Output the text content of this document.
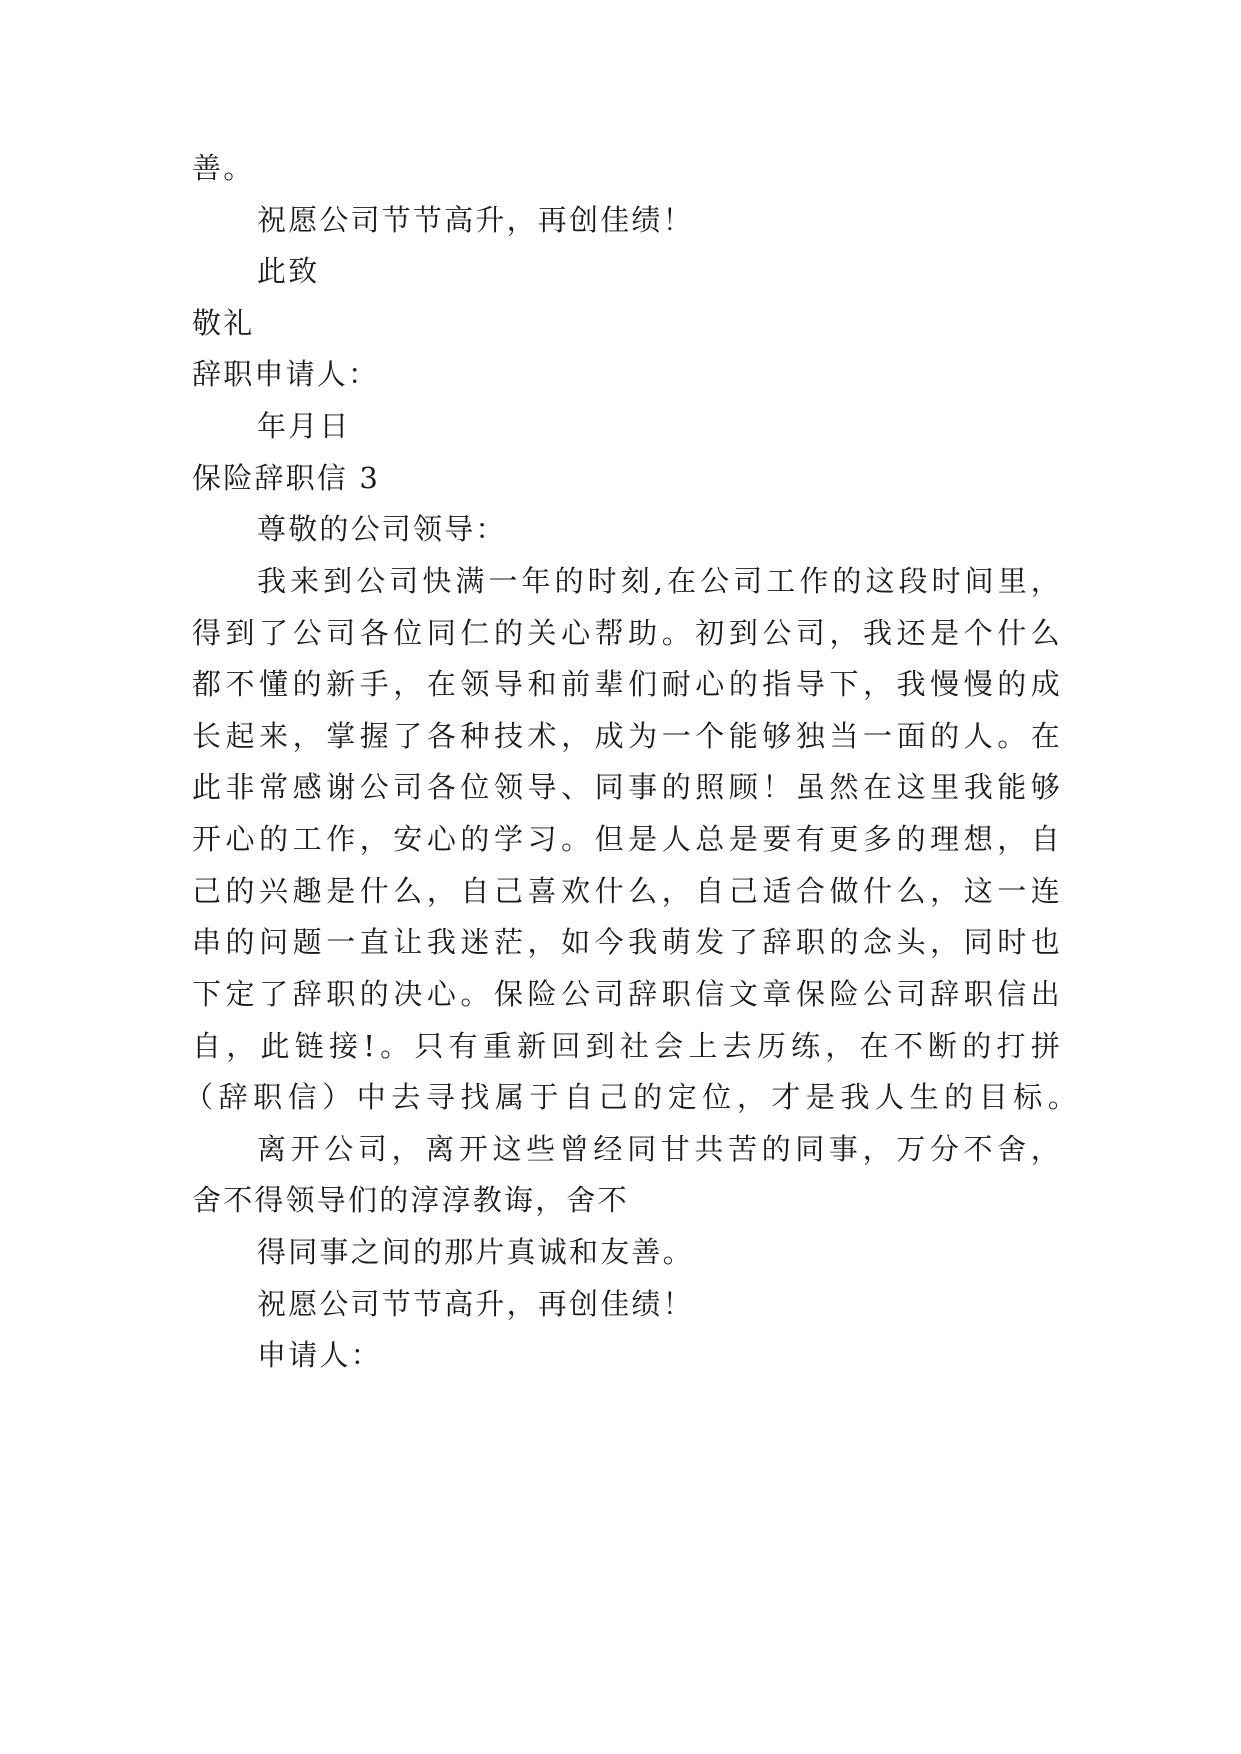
善。
祝愿公司节节高升，再创佳绩！
此致
敬礼
辞职申请人：
年月日
保险辞职信 3
尊敬的公司领导：
我来到公司快满一年的时刻,在公司工作的这段时间里，
得到了公司各位同仁的关心帮助。初到公司，我还是个什么
都不懂的新手，在领导和前辈们耐心的指导下，我慢慢的成
长起来，掌握了各种技术，成为一个能够独当一面的人。在
此非常感谢公司各位领导、同事的照顾！虽然在这里我能够
开心的工作，安心的学习。但是人总是要有更多的理想，自
己的兴趣是什么，自己喜欢什么，自己适合做什么，这一连
串的问题一直让我迷茫，如今我萌发了辞职的念头，同时也
下定了辞职的决心。保险公司辞职信文章保险公司辞职信出
自，此链接!。只有重新回到社会上去历练，在不断的打拼
（辞职信）中去寻找属于自己的定位，才是我人生的目标。
离开公司，离开这些曾经同甘共苦的同事，万分不舍，
舍不得领导们的淳淳教诲，舍不
得同事之间的那片真诚和友善。
祝愿公司节节高升，再创佳绩！
申请人：
